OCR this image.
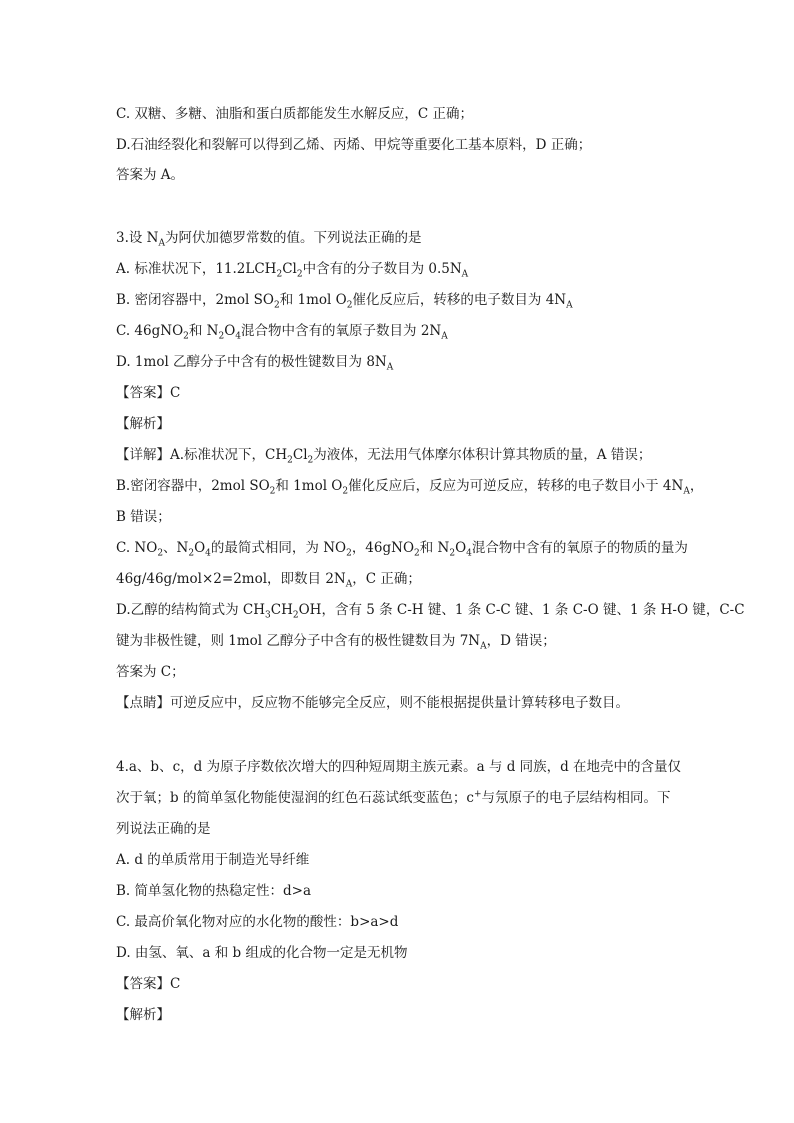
C. 双糖、多糖、油脂和蛋白质都能发生水解反应，C 正确；
D.石油经裂化和裂解可以得到乙烯、丙烯、甲烷等重要化工基本原料，D 正确；
答案为 A。
3.设 $N_A$为阿伏加德罗常数的值。下列说法正确的是
A. 标准状况下，$11.2LCH_2Cl_2$中含有的分子数目为 $0.5N_A$
B. 密闭容器中，2mol $SO_2$和 1mol $O_2$催化反应后，转移的电子数目为 $4N_A$
C. 46gNO$_2$和 $N_2O_4$混合物中含有的氧原子数目为 $2N_A$
D. 1mol 乙醇分子中含有的极性键数目为 $8N_A$
【答案】C
【解析】
【详解】A.标准状况下，$CH_2Cl_2$为液体，无法用气体摩尔体积计算其物质的量，A 错误；
B.密闭容器中，2mol $SO_2$和 1mol $O_2$催化反应后，反应为可逆反应，转移的电子数目小于 $4N_A$，
B 错误；
C. $NO_2$、$N_2O_4$的最简式相同，为 $NO_2$，46gNO$_2$和 $N_2O_4$混合物中含有的氧原子的物质的量为
46g/46g/mol×2=2mol，即数目 $2N_A$，C 正确；
D.乙醇的结构简式为 $CH_3CH_2OH$，含有 5 条 C-H 键、1 条 C-C 键、1 条 C-O 键、1 条 H-O 键，C-C
键为非极性键，则 1mol 乙醇分子中含有的极性键数目为 $7N_A$，D 错误；
答案为 C；
【点睛】可逆反应中，反应物不能够完全反应，则不能根据提供量计算转移电子数目。
4.a、b、c，d 为原子序数依次增大的四种短周期主族元素。a 与 d 同族，d 在地壳中的含量仅
次于氧；b 的简单氢化物能使湿润的红色石蕊试纸变蓝色；c+与氖原子的电子层结构相同。下
列说法正确的是
A. d 的单质常用于制造光导纤维
B. 简单氢化物的热稳定性：d>a
C. 最高价氧化物对应的水化物的酸性：b>a>d
D. 由氢、氧、a 和 b 组成的化合物一定是无机物
【答案】C
【解析】
